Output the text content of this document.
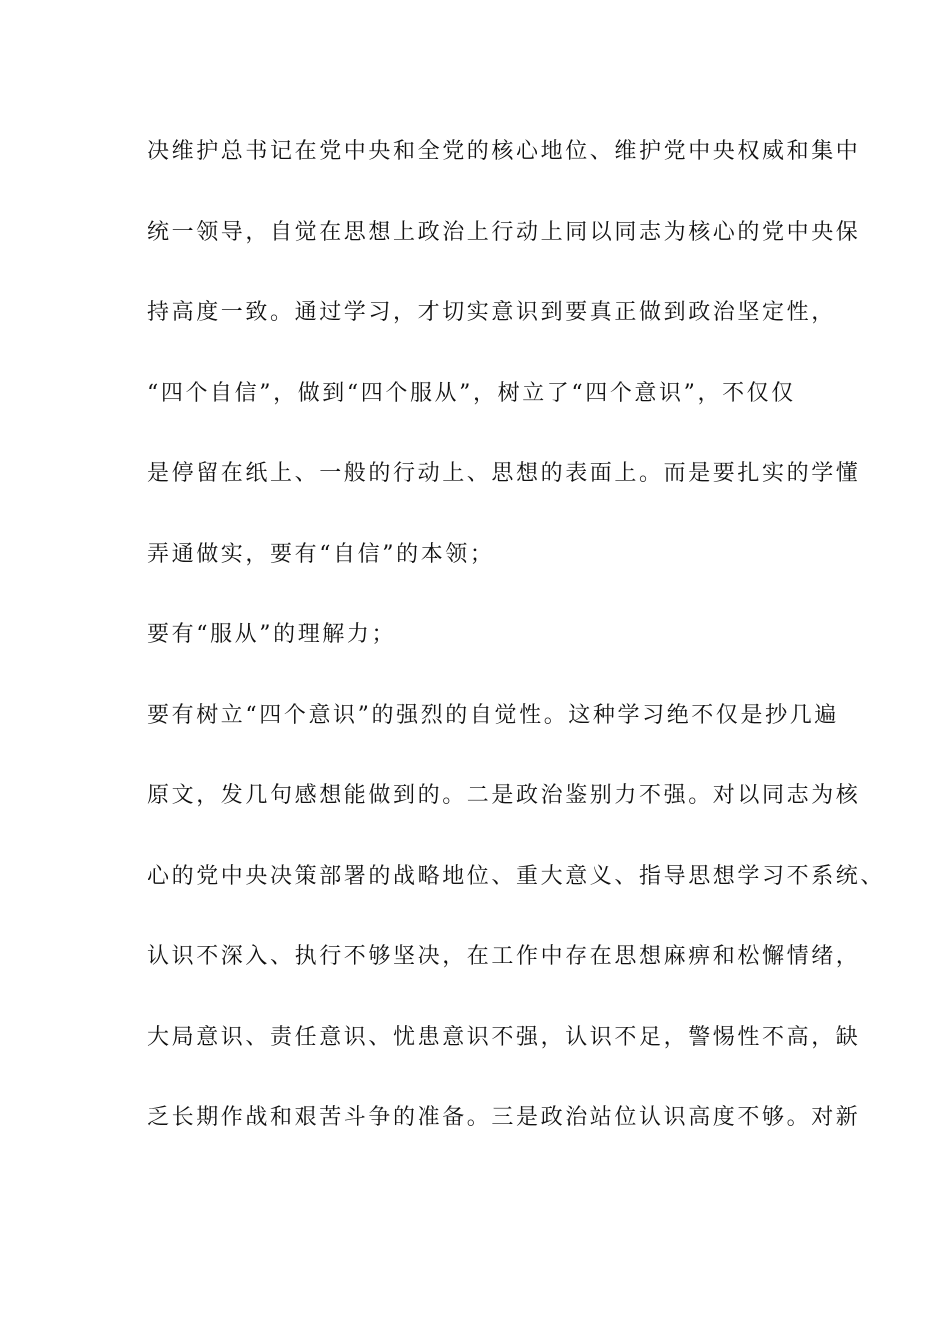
决维护总书记在党中央和全党的核心地位、维护党中央权威和集中
统一领导，自觉在思想上政治上行动上同以同志为核心的党中央保
持高度一致。通过学习，才切实意识到要真正做到政治坚定性，
“四个自信”，做到“四个服从”，树立了“四个意识”，不仅仅
是停留在纸上、一般的行动上、思想的表面上。而是要扎实的学懂
弄通做实，要有“自信”的本领；
要有“服从”的理解力；
要有树立“四个意识”的强烈的自觉性。这种学习绝不仅是抄几遍
原文，发几句感想能做到的。二是政治鉴别力不强。对以同志为核
心的党中央决策部署的战略地位、重大意义、指导思想学习不系统、
认识不深入、执行不够坚决，在工作中存在思想麻痹和松懈情绪，
大局意识、责任意识、忧患意识不强，认识不足，警惕性不高，缺
乏长期作战和艰苦斗争的准备。三是政治站位认识高度不够。对新
